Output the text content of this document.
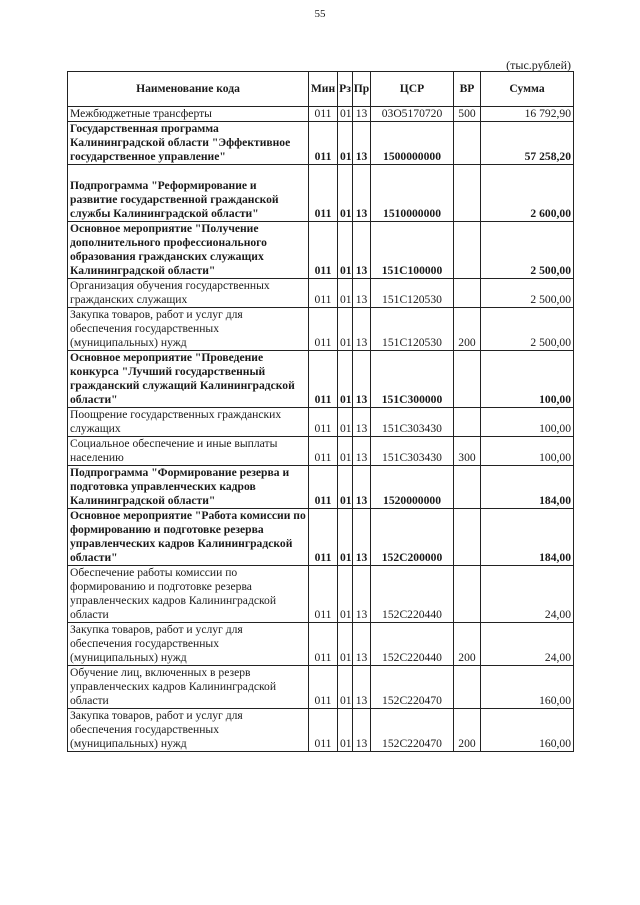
55
(тыс.рублей)
Наименование кода	Мин	Рз	Пр	ЦСР	ВР	Сумма
Межбюджетные трансферты	011	01	13	03О5170720	500	16 792,90
Государственная программа Калининградской области "Эффективное государственное управление"	011	01	13	1500000000		57 258,20

Подпрограмма "Реформирование и развитие государственной гражданской службы Калининградской области"	011	01	13	1510000000		2 600,00
Основное мероприятие "Получение дополнительного профессионального образования гражданских служащих Калининградской области"	011	01	13	151С100000		2 500,00
Организация обучения государственных гражданских служащих	011	01	13	151С120530		2 500,00
Закупка товаров, работ и услуг для обеспечения государственных (муниципальных) нужд	011	01	13	151С120530	200	2 500,00
Основное мероприятие "Проведение конкурса "Лучший государственный гражданский служащий Калининградской области"	011	01	13	151С300000		100,00
Поощрение государственных гражданских служащих	011	01	13	151С303430		100,00
Социальное обеспечение и иные выплаты населению	011	01	13	151С303430	300	100,00
Подпрограмма "Формирование резерва и подготовка управленческих кадров Калининградской области"	011	01	13	1520000000		184,00
Основное мероприятие "Работа комиссии по формированию и подготовке резерва управленческих кадров Калининградской области"	011	01	13	152С200000		184,00
Обеспечение работы комиссии по формированию и подготовке резерва управленческих кадров Калининградской области	011	01	13	152С220440		24,00
Закупка товаров, работ и услуг для обеспечения государственных (муниципальных) нужд	011	01	13	152С220440	200	24,00
Обучение лиц, включенных в резерв управленческих кадров Калининградской области	011	01	13	152С220470		160,00
Закупка товаров, работ и услуг для обеспечения государственных (муниципальных) нужд	011	01	13	152С220470	200	160,00
